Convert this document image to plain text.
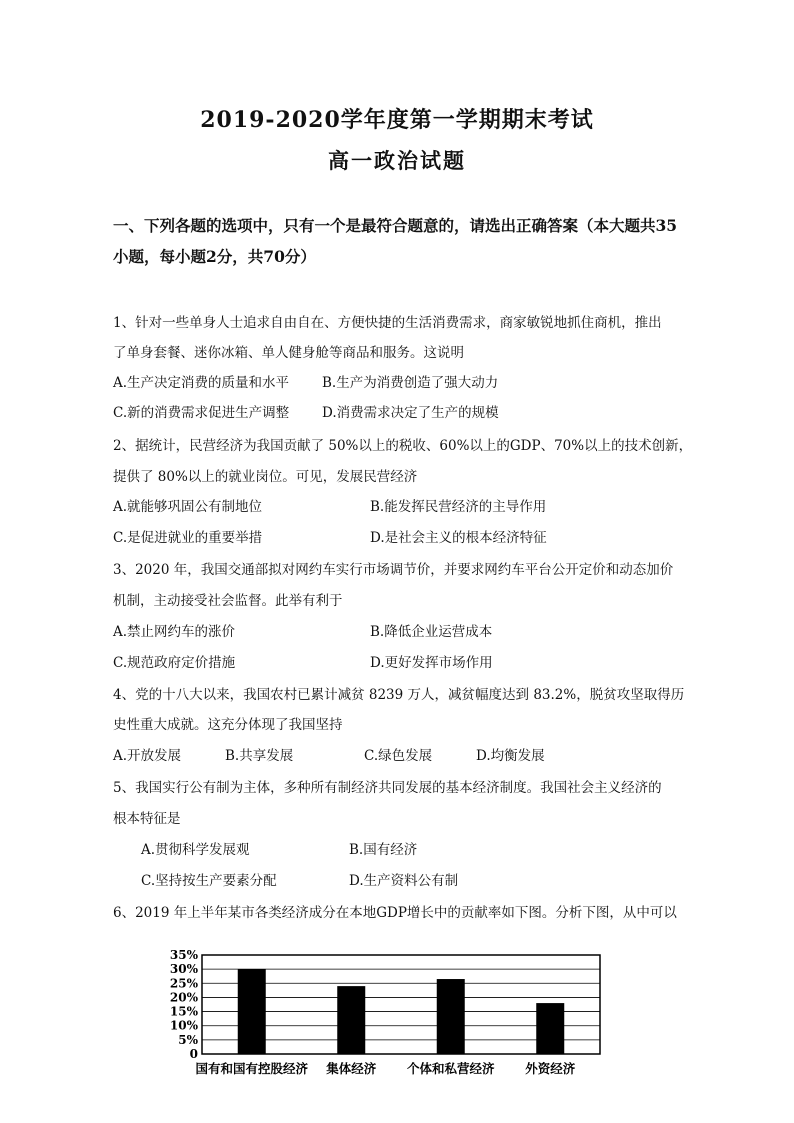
2019-2020学年度第一学期期末考试
高一政治试题
一、下列各题的选项中，只有一个是最符合题意的，请选出正确答案（本大题共35
小题，每小题2分，共70分）
1、针对一些单身人士追求自由自在、方便快捷的生活消费需求，商家敏锐地抓住商机，推出
了单身套餐、迷你冰箱、单人健身舱等商品和服务。这说明
A.生产决定消费的质量和水平 B.生产为消费创造了强大动力
C.新的消费需求促进生产调整 D.消费需求决定了生产的规模
2、据统计，民营经济为我国贡献了 50%以上的税收、60%以上的GDP、70%以上的技术创新，
提供了 80%以上的就业岗位。可见，发展民营经济
A.就能够巩固公有制地位	B.能发挥民营经济的主导作用
C.是促进就业的重要举措	D.是社会主义的根本经济特征
3、2020 年，我国交通部拟对网约车实行市场调节价，并要求网约车平台公开定价和动态加价
机制，主动接受社会监督。此举有利于
A.禁止网约车的涨价	B.降低企业运营成本
C.规范政府定价措施	D.更好发挥市场作用
4、党的十八大以来，我国农村已累计减贫 8239 万人，减贫幅度达到 83.2%，脱贫攻坚取得历
史性重大成就。这充分体现了我国坚持
A.开放发展	B.共享发展	C.绿色发展	D.均衡发展
5、我国实行公有制为主体，多种所有制经济共同发展的基本经济制度。我国社会主义经济的
根本特征是
A.贯彻科学发展观	B.国有经济
C.坚持按生产要素分配	D.生产资料公有制
6、2019 年上半年某市各类经济成分在本地GDP增长中的贡献率如下图。分析下图，从中可以
0
5%
10%
15%
20%
25%
30%
35%
国有和国有控股经济 集体经济 个体和私营经济 外资经济
